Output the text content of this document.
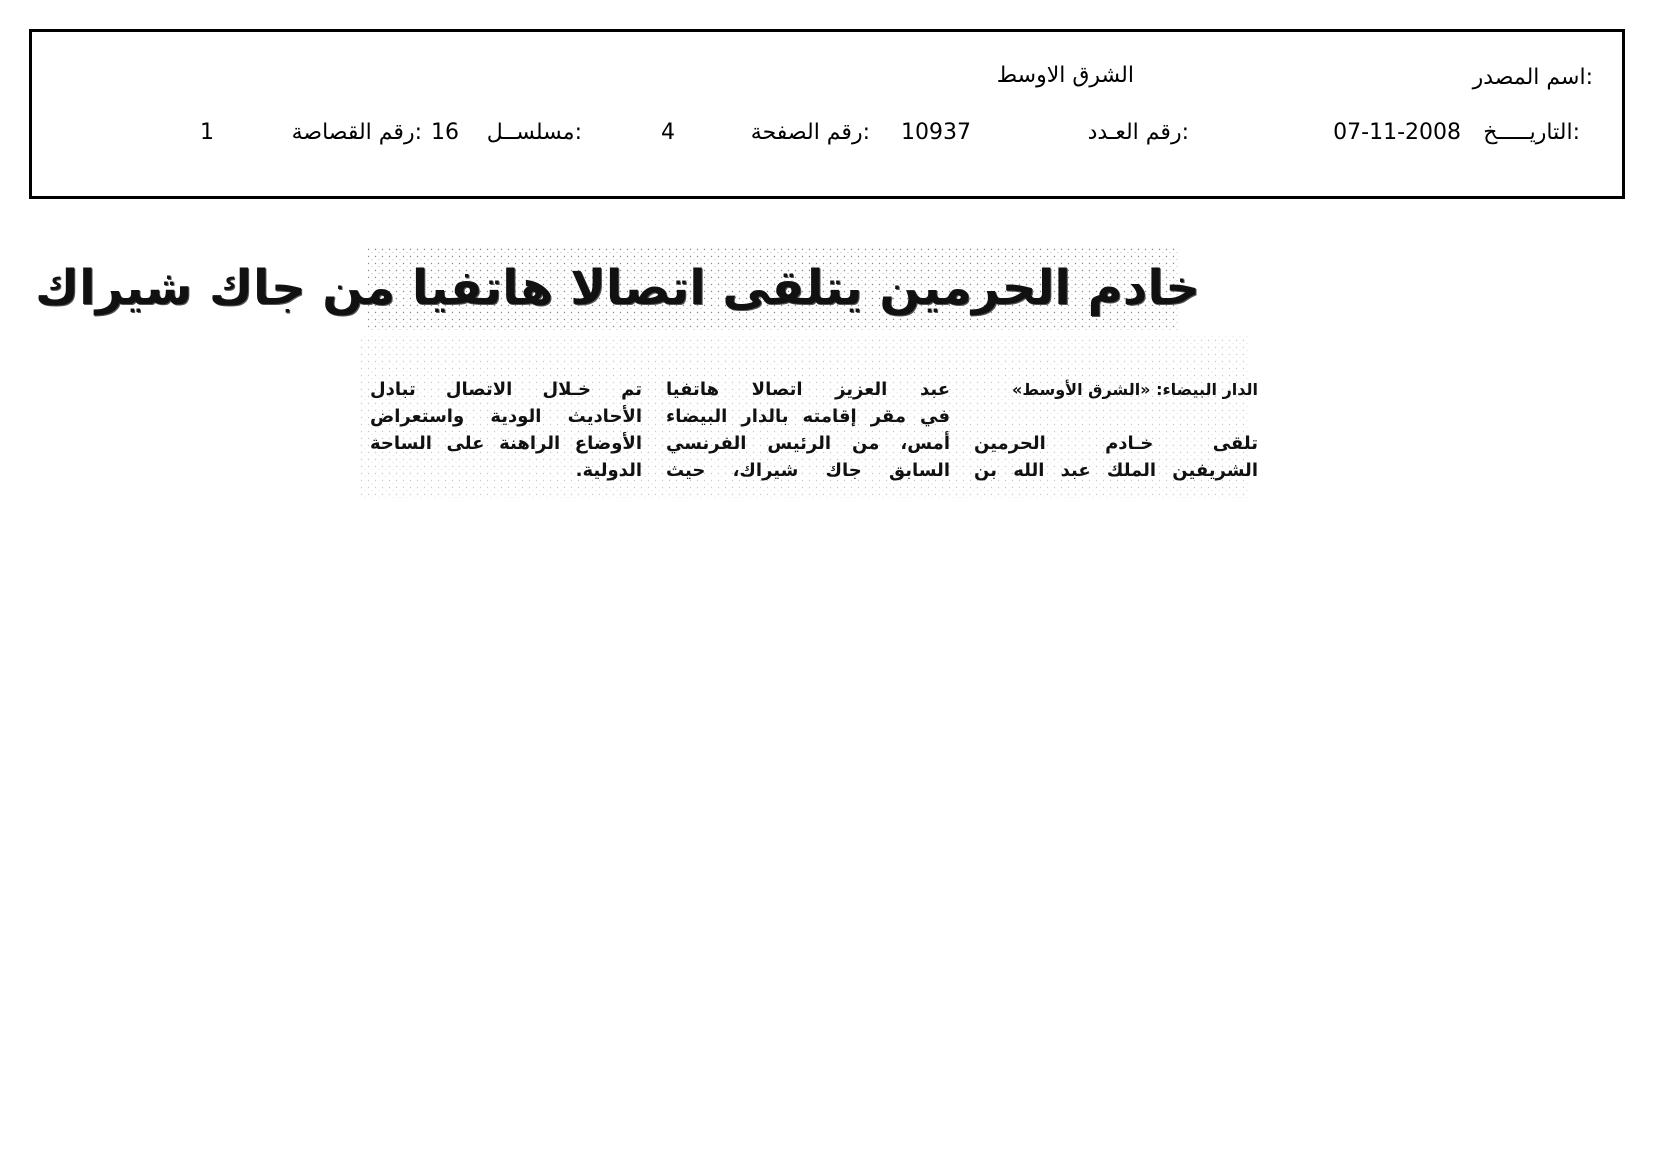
اسم المصدر:
الشرق الاوسط
التاريـــــخ:
07-11-2008
رقم العـدد:
10937
رقم الصفحة:
4
مسلســل:
16
رقم القصاصة:
1
خادم الحرمين يتلقى اتصالا هاتفيا من جاك شيراك
الدار البيضاء: «الشرق الأوسط»
تلقى خـادم الحرمين
الشريفين الملك عبد الله بن
عبد العزيز اتصالا هاتفيا
في مقر إقامته بالدار البيضاء
أمس، من الرئيس الفرنسي
السابق جاك شيراك، حيث
تم خـلال الاتصال تبادل
الأحاديث الودية واستعراض
الأوضاع الراهنة على الساحة
الدولية.
